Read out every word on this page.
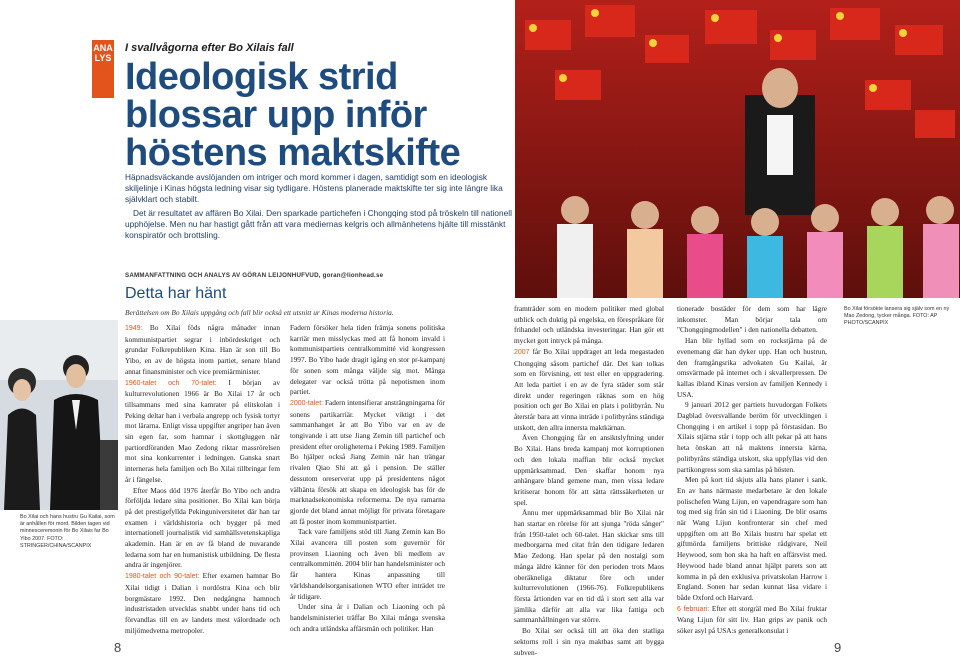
ANALYS
I svallvågorna efter Bo Xilais fall
Ideologisk strid blossar upp inför höstens maktskifte

Häpnadsväckande avslöjanden om intriger och mord kommer i dagen, samtidigt som en ideologisk skiljelinje i Kinas högsta ledning visar sig tydligare. Höstens planerade maktskifte ter sig inte längre lika självklart och stabilt.

Det är resultatet av affären Bo Xilai. Den sparkade partichefen i Chongqing stod på tröskeln till nationell upphöjelse. Men nu har hastigt gått från att vara mediernas kelgris och allmänhetens hjälte till misstänkt konspiratör och brottsling.

SAMMANFATTNING OCH ANALYS AV GÖRAN LEIJONHUFVUD, goran@lionhead.se
Detta har hänt
Berättelsen om Bo Xilais uppgång och fall blir också ett utsnitt ur Kinas moderna historia.

1949: Bo Xilai föds några månader innan kommunistpartiet segrar i inbördeskriget och grundar Folkrepubliken Kina. Han är son till Bo Yibo, en av de högsta inom partiet, senare bland annat finansminister och vice premiärminister.

1960-talet och 70-talet: I början av kulturrevolutionen 1966 är Bo Xilai 17 år och tillsammans med sina kamrater på elitskolan i Peking deltar han i verbala angrepp och fysisk tortyr mot lärarna. Enligt vissa uppgifter angriper han även sin egen far, som hamnar i skottgluggen när partiordföranden Mao Zedong riktar massrörelsen mot sina konkurrenter i ledningen. Ganska snart interneras hela familjen och Bo Xilai tillbringar fem år i fängelse.

Efter Maos död 1976 återfår Bo Yibo och andra förföljda ledare sina positioner. Bo Xilai kan börja på det prestigefyllda Pekinguniversitetet där han tar examen i världshistoria och bygger på med internationell journalistik vid samhällsvetenskapliga akademin. Han är en av få bland de nuvarande ledarna som har en humanistisk utbildning. De flesta andra är ingenjörer.

1980-talet och 90-talet: Efter examen hamnar Bo Xilai tidigt i Dalian i nordöstra Kina och blir borgmästare 1992. Den nedgångna hamnoch industristaden utvecklas snabbt under hans tid och förvandlas till en av landets mest välordnade och miljömedvetna metropoler.

Fadern försöker hela tiden främja sonens politiska karriär men misslyckas med att få honom invald i kommunistpartiets centralkommitté vid kongressen 1997. Bo Yibo hade dragit igång en stor pr-kampanj för sonen som många väljde sig mot. Många delegater var också trötta på nepotismen inom partiet.

2000-talet: Fadern intensifierar ansträngningarna för sonens partikarriär. Mycket viktigt i det sammanhanget är att Bo Yibo var en av de tongivande i att utse Jiang Zemin till partichef och president efter oroligheterna i Peking 1989. Familjen Bo hjälper också Jiang Zemin när han trängar rivalen Qiao Shi att gå i pension. De ställer dessutom oreserverat upp på presidentens något välhänta försök att skapa en ideologisk bas för de marknadsekonomiska reformerna. De nya ramarna gjorde det bland annat möjligt för privata företagare att få poster inom kommunistpartiet.

Tack vare familjens stöd till Jiang Zemin kan Bo Xilai avancera till posten som guvernör för provinsen Liaoning och även bli medlem av centralkommittén. 2004 blir han handelsminister och får hantera Kinas anpassning till världshandelsorganisationen WTO efter inträdet tre år tidigare.

Under sina år i Dalian och Liaoning och på handelsministeriet träffar Bo Xilai många svenska och andra utländska affärsmän och politiker. Han

framträder som en modern politiker med global utblick och duktig på engelska, en förespråkare för frihandel och utländska investeringar. Han gör ett mycket gott intryck på många.

2007 får Bo Xilai uppdraget att leda megastaden Chongqing såsom partichef där. Det kan tolkas som en förvisning, ett test eller en uppgradering. Att leda partiet i en av de fyra städer som står direkt under regeringen räknas som en hög position och ger Bo Xilai en plats i politbyrån. Nu återstår bara att vinna inträde i politbyråns ständiga utskott, den allra innersta maktkärnan.

Även Chongqing får en ansiktslyftning under Bo Xilai. Hans breda kampanj mot korruptionen och den lokala maffian blir också mycket uppmärksammad. Den skaffar honom nya anhängare bland gemene man, men vissa ledare kritiserar honom för att sätta rättssäkerheten ur spel.

Ännu mer uppmärksammad blir Bo Xilai när han startar en rörelse för att sjunga "röda sånger" från 1950-talet och 60-talet. Han skickar sms till medborgarna med citat från den tidigare ledaren Mao Zedong. Han spelar på den nostalgi som många äldre känner för den perioden trots Maos oberäkneliga diktatur före och under kulturrevolutionen (1966-76). Folkrepublikens första årtionden var en tid då i stort sett alla var jämlika därför att alla var lika fattiga och sammanhållningen var större.

Bo Xilai ser också till att öka den statliga sektorns roll i sin nya maktbas samt att bygga subven-

tionerade bostäder för dem som har lägre inkomster. Man börjar tala om "Chongqingmodellen" i den nationella debatten.

Han blir hyllad som en rockstjärna på de evenemang där han dyker upp. Han och hustrun, den framgångsrika advokaten Gu Kailai, är omsvärmade på internet och i skvallerpressen. De kallas ibland Kinas version av familjen Kennedy i USA.

9 januari 2012 ger partiets huvudorgan Folkets Dagblad översvallande beröm för utvecklingen i Chongqing i en artikel i topp på förstasidan. Bo Xilais stjärna står i topp och allt pekar på att hans heta önskan att nå maktens innersta kärna, politbyråns ständiga utskott, ska uppfyllas vid den partikongress som ska samlas på hösten.

Men på kort tid skjuts alla hans planer i sank. En av hans närmaste medarbetare är den lokale polischefen Wang Lijun, en vapendragare som han tog med sig från sin tid i Liaoning. De blir osams när Wang Lijun konfronterar sin chef med uppgiften om att Bo Xilais hustru har spelat ett giftmörda familjens brittiske rådgivare, Neil Heywood, som hon ska ha haft en affärsvist med. Heywood hade bland annat hjälpt parets son att komma in på den exklusiva privatskolan Harrow i England. Sonen har sedan kunnat läsa vidare i både Oxford och Harvard.

6 februari: Efter ett storgräl med Bo Xilai fruktar Wang Lijun för sitt liv. Han grips av panik och söker asyl på USA:s generalkonsulat i

Bo Xilai och hans hustru Gu Kailai, som är anhållen för mord. Bilden tagen vid minnesceremonin för Bo Xilais far Bo Yibo 2007. FOTO: STRINGER/CHINA/SCANPIX
Bo Xilai försökte lansera sig själv som en ny Mao Zedong, tycker många. FOTO: AP PHOTO/SCANPIX
8	9
